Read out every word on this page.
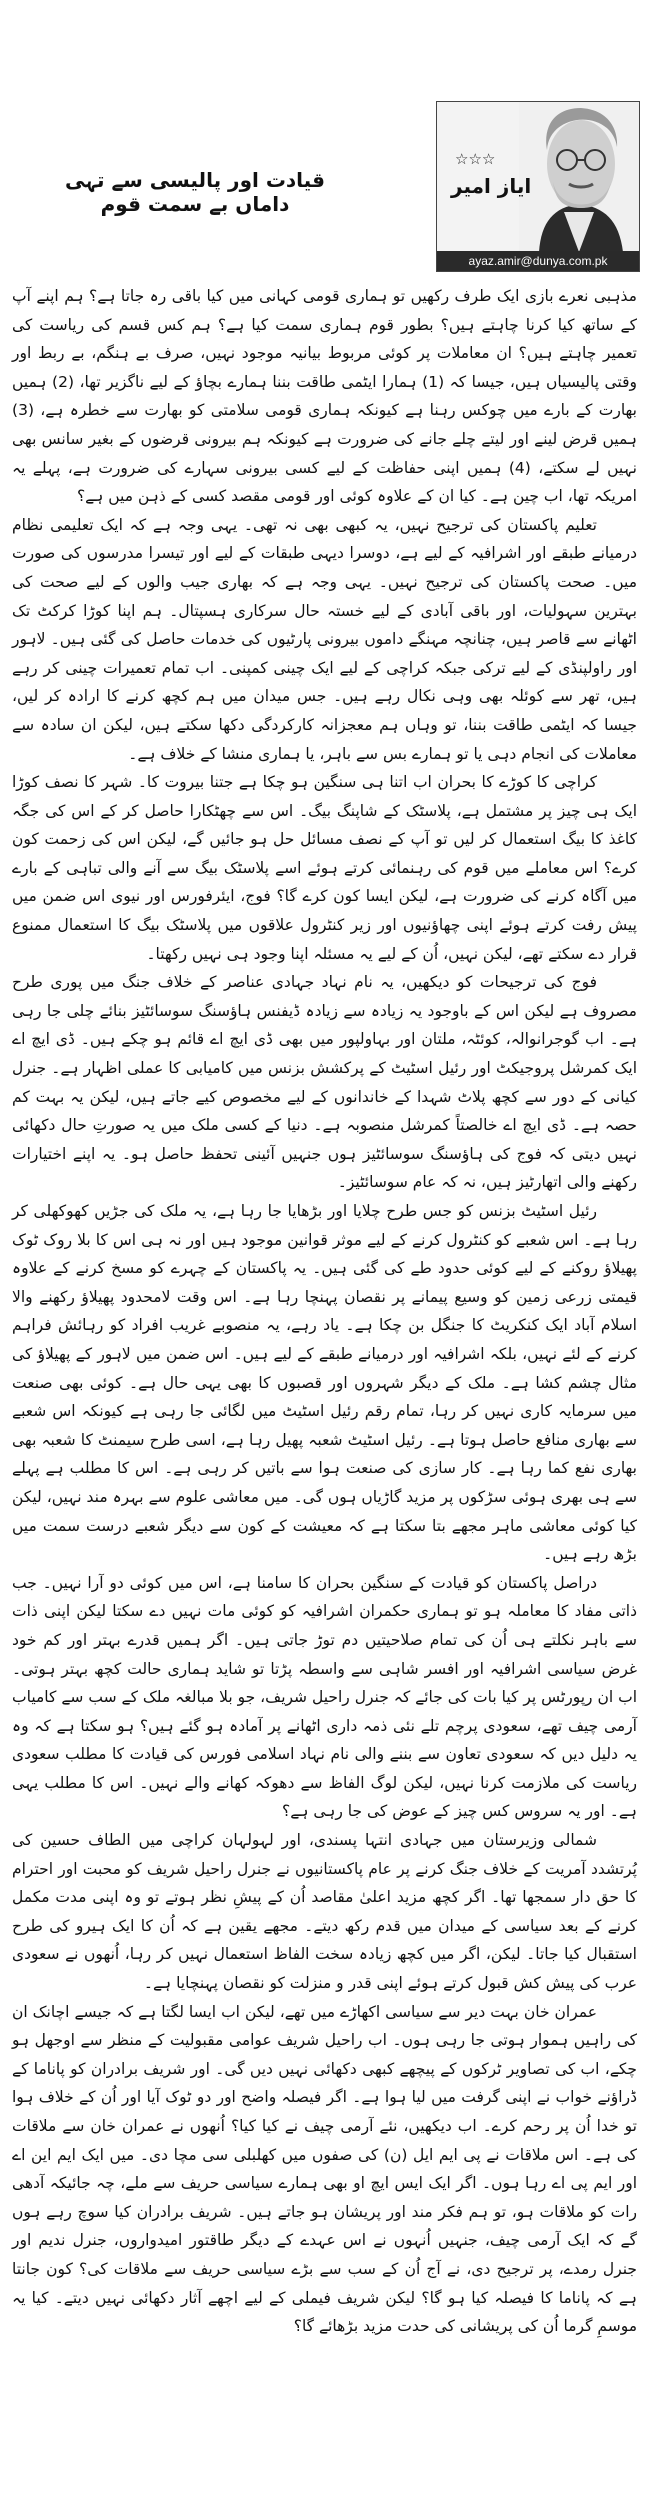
قیادت اور پالیسی سے تہی داماں بے سمت قوم
☆☆☆
ایاز امیر
ayaz.amir@dunya.com.pk

مذہبی نعرے بازی ایک طرف رکھیں تو ہماری قومی کہانی میں کیا باقی رہ جاتا ہے؟ ہم اپنے آپ کے ساتھ کیا کرنا چاہتے ہیں؟ بطور قوم ہماری سمت کیا ہے؟ ہم کس قسم کی ریاست کی تعمیر چاہتے ہیں؟ ان معاملات پر کوئی مربوط بیانیہ موجود نہیں، صرف بے ہنگم، بے ربط اور وقتی پالیسیاں ہیں، جیسا کہ (1) ہمارا ایٹمی طاقت بننا ہمارے بچاؤ کے لیے ناگزیر تھا، (2) ہمیں بھارت کے بارے میں چوکس رہنا ہے کیونکہ ہماری قومی سلامتی کو بھارت سے خطرہ ہے، (3) ہمیں قرض لینے اور لیتے چلے جانے کی ضرورت ہے کیونکہ ہم بیرونی قرضوں کے بغیر سانس بھی نہیں لے سکتے، (4) ہمیں اپنی حفاظت کے لیے کسی بیرونی سہارے کی ضرورت ہے، پہلے یہ امریکہ تھا، اب چین ہے۔ کیا ان کے علاوہ کوئی اور قومی مقصد کسی کے ذہن میں ہے؟

تعلیم پاکستان کی ترجیح نہیں، یہ کبھی بھی نہ تھی۔ یہی وجہ ہے کہ ایک تعلیمی نظام درمیانے طبقے اور اشرافیہ کے لیے ہے، دوسرا دیہی طبقات کے لیے اور تیسرا مدرسوں کی صورت میں۔ صحت پاکستان کی ترجیح نہیں۔ یہی وجہ ہے کہ بھاری جیب والوں کے لیے صحت کی بہترین سہولیات، اور باقی آبادی کے لیے خستہ حال سرکاری ہسپتال۔ ہم اپنا کوڑا کرکٹ تک اٹھانے سے قاصر ہیں، چنانچہ مہنگے داموں بیرونی پارٹیوں کی خدمات حاصل کی گئی ہیں۔ لاہور اور راولپنڈی کے لیے ترکی جبکہ کراچی کے لیے ایک چینی کمپنی۔ اب تمام تعمیرات چینی کر رہے ہیں، تھر سے کوئلہ بھی وہی نکال رہے ہیں۔ جس میدان میں ہم کچھ کرنے کا ارادہ کر لیں، جیسا کہ ایٹمی طاقت بننا، تو وہاں ہم معجزانہ کارکردگی دکھا سکتے ہیں، لیکن ان سادہ سے معاملات کی انجام دہی یا تو ہمارے بس سے باہر، یا ہماری منشا کے خلاف ہے۔

کراچی کا کوڑے کا بحران اب اتنا ہی سنگین ہو چکا ہے جتنا بیروت کا۔ شہر کا نصف کوڑا ایک ہی چیز پر مشتمل ہے، پلاسٹک کے شاپنگ بیگ۔ اس سے چھٹکارا حاصل کر کے اس کی جگہ کاغذ کا بیگ استعمال کر لیں تو آپ کے نصف مسائل حل ہو جائیں گے، لیکن اس کی زحمت کون کرے؟ اس معاملے میں قوم کی رہنمائی کرتے ہوئے اسے پلاسٹک بیگ سے آنے والی تباہی کے بارے میں آگاہ کرنے کی ضرورت ہے، لیکن ایسا کون کرے گا؟ فوج، ایئرفورس اور نیوی اس ضمن میں پیش رفت کرتے ہوئے اپنی چھاؤنیوں اور زیر کنٹرول علاقوں میں پلاسٹک بیگ کا استعمال ممنوع قرار دے سکتے تھے، لیکن نہیں، اُن کے لیے یہ مسئلہ اپنا وجود ہی نہیں رکھتا۔

فوج کی ترجیحات کو دیکھیں، یہ نام نہاد جہادی عناصر کے خلاف جنگ میں پوری طرح مصروف ہے لیکن اس کے باوجود یہ زیادہ سے زیادہ ڈیفنس ہاؤسنگ سوسائٹیز بنائے چلی جا رہی ہے۔ اب گوجرانوالہ، کوئٹہ، ملتان اور بہاولپور میں بھی ڈی ایچ اے قائم ہو چکے ہیں۔ ڈی ایچ اے ایک کمرشل پروجیکٹ اور رئیل اسٹیٹ کے پرکشش بزنس میں کامیابی کا عملی اظہار ہے۔ جنرل کیانی کے دور سے کچھ پلاٹ شہدا کے خاندانوں کے لیے مخصوص کیے جاتے ہیں، لیکن یہ بہت کم حصہ ہے۔ ڈی ایچ اے خالصتاً کمرشل منصوبہ ہے۔ دنیا کے کسی ملک میں یہ صورتِ حال دکھائی نہیں دیتی کہ فوج کی ہاؤسنگ سوسائٹیز ہوں جنہیں آئینی تحفظ حاصل ہو۔ یہ اپنے اختیارات رکھنے والی اتھارٹیز ہیں، نہ کہ عام سوسائٹیز۔

رئیل اسٹیٹ بزنس کو جس طرح چلایا اور بڑھایا جا رہا ہے، یہ ملک کی جڑیں کھوکھلی کر رہا ہے۔ اس شعبے کو کنٹرول کرنے کے لیے موثر قوانین موجود ہیں اور نہ ہی اس کا بلا روک ٹوک پھیلاؤ روکنے کے لیے کوئی حدود طے کی گئی ہیں۔ یہ پاکستان کے چہرے کو مسخ کرنے کے علاوہ قیمتی زرعی زمین کو وسیع پیمانے پر نقصان پہنچا رہا ہے۔ اس وقت لامحدود پھیلاؤ رکھنے والا اسلام آباد ایک کنکریٹ کا جنگل بن چکا ہے۔ یاد رہے، یہ منصوبے غریب افراد کو رہائش فراہم کرنے کے لئے نہیں، بلکہ اشرافیہ اور درمیانے طبقے کے لیے ہیں۔ اس ضمن میں لاہور کے پھیلاؤ کی مثال چشم کشا ہے۔ ملک کے دیگر شہروں اور قصبوں کا بھی یہی حال ہے۔ کوئی بھی صنعت میں سرمایہ کاری نہیں کر رہا، تمام رقم رئیل اسٹیٹ میں لگائی جا رہی ہے کیونکہ اس شعبے سے بھاری منافع حاصل ہوتا ہے۔ رئیل اسٹیٹ شعبہ پھیل رہا ہے، اسی طرح سیمنٹ کا شعبہ بھی بھاری نفع کما رہا ہے۔ کار سازی کی صنعت ہوا سے باتیں کر رہی ہے۔ اس کا مطلب ہے پہلے سے ہی بھری ہوئی سڑکوں پر مزید گاڑیاں ہوں گی۔ میں معاشی علوم سے بہرہ مند نہیں، لیکن کیا کوئی معاشی ماہر مجھے بتا سکتا ہے کہ معیشت کے کون سے دیگر شعبے درست سمت میں بڑھ رہے ہیں۔

دراصل پاکستان کو قیادت کے سنگین بحران کا سامنا ہے، اس میں کوئی دو آرا نہیں۔ جب ذاتی مفاد کا معاملہ ہو تو ہماری حکمران اشرافیہ کو کوئی مات نہیں دے سکتا لیکن اپنی ذات سے باہر نکلتے ہی اُن کی تمام صلاحیتیں دم توڑ جاتی ہیں۔ اگر ہمیں قدرے بہتر اور کم خود غرض سیاسی اشرافیہ اور افسر شاہی سے واسطہ پڑتا تو شاید ہماری حالت کچھ بہتر ہوتی۔ اب ان رپورٹس پر کیا بات کی جائے کہ جنرل راحیل شریف، جو بلا مبالغہ ملک کے سب سے کامیاب آرمی چیف تھے، سعودی پرچم تلے نئی ذمہ داری اٹھانے پر آمادہ ہو گئے ہیں؟ ہو سکتا ہے کہ وہ یہ دلیل دیں کہ سعودی تعاون سے بننے والی نام نہاد اسلامی فورس کی قیادت کا مطلب سعودی ریاست کی ملازمت کرنا نہیں، لیکن لوگ الفاظ سے دھوکہ کھانے والے نہیں۔ اس کا مطلب یہی ہے۔ اور یہ سروس کس چیز کے عوض کی جا رہی ہے؟

شمالی وزیرستان میں جہادی انتہا پسندی، اور لہولہان کراچی میں الطاف حسین کی پُرتشدد آمریت کے خلاف جنگ کرنے پر عام پاکستانیوں نے جنرل راحیل شریف کو محبت اور احترام کا حق دار سمجھا تھا۔ اگر کچھ مزید اعلیٰ مقاصد اُن کے پیشِ نظر ہوتے تو وہ اپنی مدت مکمل کرنے کے بعد سیاسی کے میدان میں قدم رکھ دیتے۔ مجھے یقین ہے کہ اُن کا ایک ہیرو کی طرح استقبال کیا جاتا۔ لیکن، اگر میں کچھ زیادہ سخت الفاظ استعمال نہیں کر رہا، اُنھوں نے سعودی عرب کی پیش کش قبول کرتے ہوئے اپنی قدر و منزلت کو نقصان پہنچایا ہے۔

عمران خان بہت دیر سے سیاسی اکھاڑے میں تھے، لیکن اب ایسا لگتا ہے کہ جیسے اچانک ان کی راہیں ہموار ہوتی جا رہی ہوں۔ اب راحیل شریف عوامی مقبولیت کے منظر سے اوجھل ہو چکے، اب کی تصاویر ٹرکوں کے پیچھے کبھی دکھائی نہیں دیں گی۔ اور شریف برادران کو پاناما کے ڈراؤنے خواب نے اپنی گرفت میں لیا ہوا ہے۔ اگر فیصلہ واضح اور دو ٹوک آیا اور اُن کے خلاف ہوا تو خدا اُن پر رحم کرے۔ اب دیکھیں، نئے آرمی چیف نے کیا کیا؟ اُنھوں نے عمران خان سے ملاقات کی ہے۔ اس ملاقات نے پی ایم ایل (ن) کی صفوں میں کھلبلی سی مچا دی۔ میں ایک ایم این اے اور ایم پی اے رہا ہوں۔ اگر ایک ایس ایچ او بھی ہمارے سیاسی حریف سے ملے، چہ جائیکہ آدھی رات کو ملاقات ہو، تو ہم فکر مند اور پریشان ہو جاتے ہیں۔ شریف برادران کیا سوچ رہے ہوں گے کہ ایک آرمی چیف، جنہیں اُنہوں نے اس عہدے کے دیگر طاقتور امیدواروں، جنرل ندیم اور جنرل رمدے، پر ترجیح دی، نے آج اُن کے سب سے بڑے سیاسی حریف سے ملاقات کی؟ کون جانتا ہے کہ پاناما کا فیصلہ کیا ہو گا؟ لیکن شریف فیملی کے لیے اچھے آثار دکھائی نہیں دیتے۔ کیا یہ موسمِ گرما اُن کی پریشانی کی حدت مزید بڑھائے گا؟
